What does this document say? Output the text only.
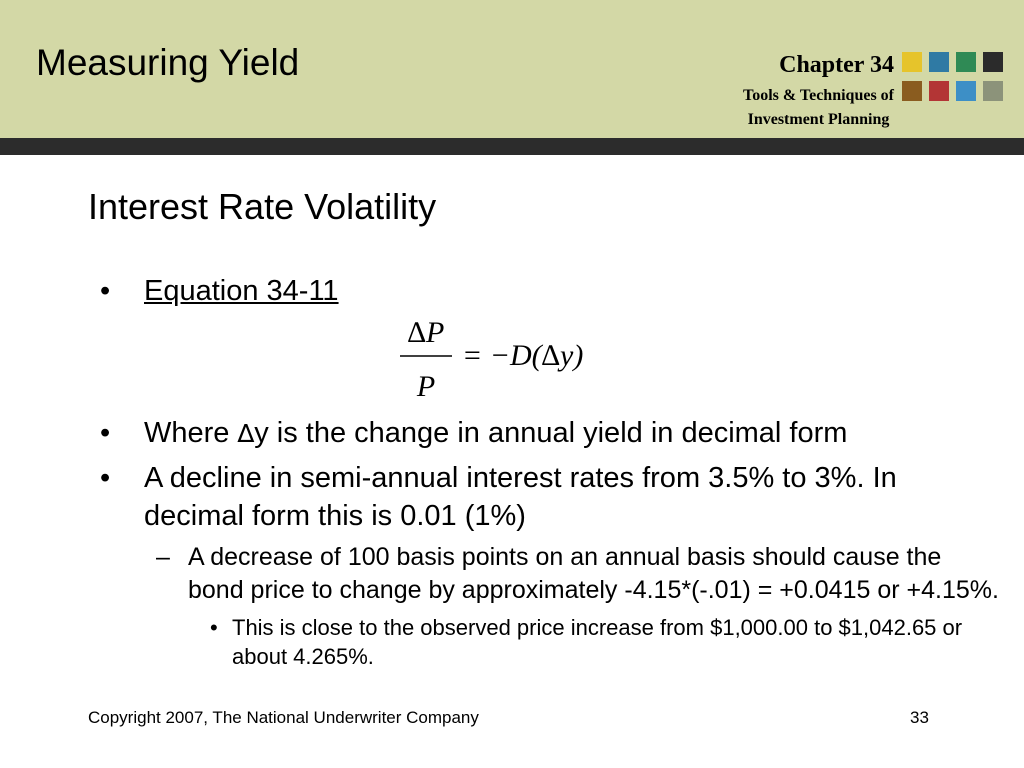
Measuring Yield	Chapter 34
Tools & Techniques of
Investment Planning
Interest Rate Volatility
• Equation 34-11
• Where ∆y is the change in annual yield in decimal form
• A decline in semi-annual interest rates from 3.5% to 3%. In decimal form this is 0.01 (1%)
– A decrease of 100 basis points on an annual basis should cause the bond price to change by approximately -4.15*(-.01) = +0.0415 or +4.15%.
• This is close to the observed price increase from $1,000.00 to $1,042.65 or about 4.265%.
∆P
P
= −D(∆y)
Copyright 2007, The National Underwriter Company	33
